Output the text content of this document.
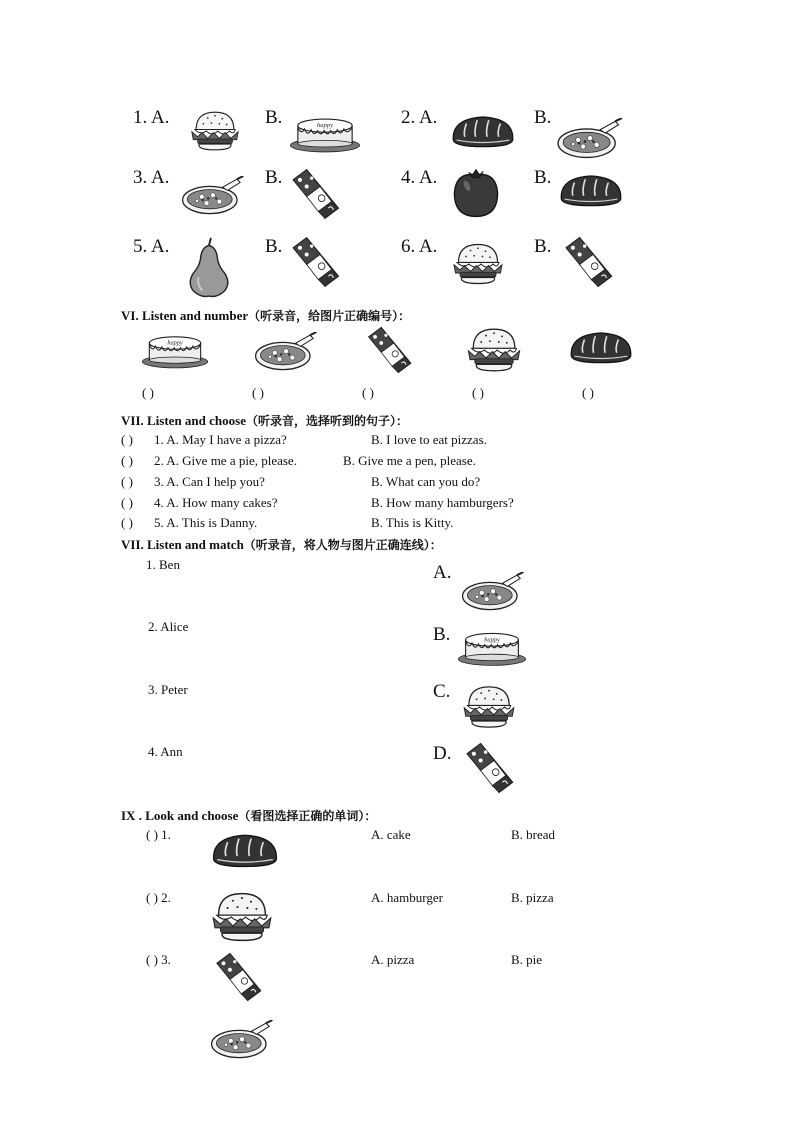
1. A.	B.	2. A.	B.
3. A.	B.	4. A.	B.
5. A.	B.	6. A.	B.
VI. Listen and number（听录音，给图片正确编号）：
( )	( )	( )	( )	( )
VII. Listen and choose（听录音，选择听到的句子）：
( ) 1. A. May I have a pizza?	B. I love to eat pizzas.
( ) 2. A. Give me a pie, please.	B. Give me a pen, please.
( ) 3. A. Can I help you?	B. What can you do?
( ) 4. A. How many cakes?	B. How many hamburgers?
( ) 5. A. This is Danny.	B. This is Kitty.
VII. Listen and match（听录音，将人物与图片正确连线）：
1. Ben
2. Alice
3. Peter
4. Ann
A.
B.
C.
D.
IX . Look and choose（看图选择正确的单词）：
( ) 1.	A. cake	B. bread
( ) 2.	A. hamburger	B. pizza
( ) 3.	A. pizza	B. pie
